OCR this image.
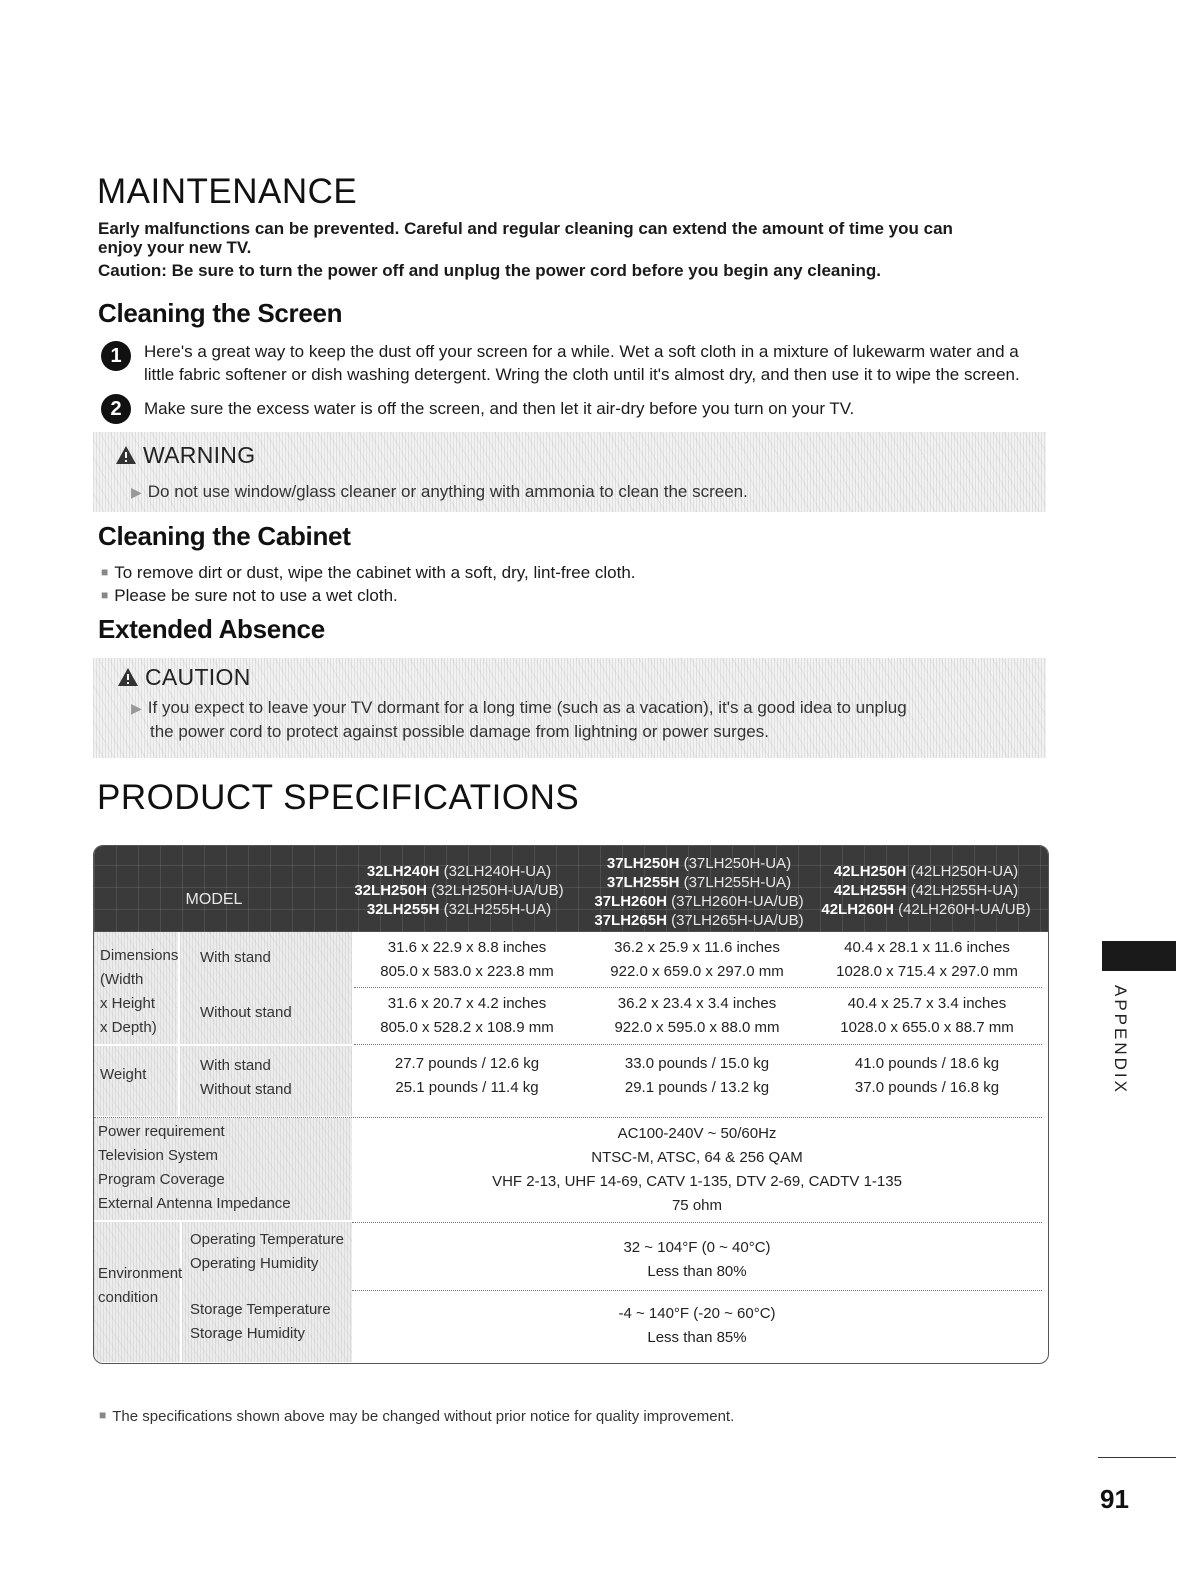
MAINTENANCE
Early malfunctions can be prevented. Careful and regular cleaning can extend the amount of time you can
enjoy your new TV.
Caution: Be sure to turn the power off and unplug the power cord before you begin any cleaning.
Cleaning the Screen
1	Here's a great way to keep the dust off your screen for a while. Wet a soft cloth in a mixture of lukewarm water and a
little fabric softener or dish washing detergent. Wring the cloth until it's almost dry, and then use it to wipe the screen.
2	Make sure the excess water is off the screen, and then let it air-dry before you turn on your TV.
WARNING
▶ Do not use window/glass cleaner or anything with ammonia to clean the screen.
Cleaning the Cabinet
■ To remove dirt or dust, wipe the cabinet with a soft, dry, lint-free cloth.
■ Please be sure not to use a wet cloth.
Extended Absence
CAUTION
▶ If you expect to leave your TV dormant for a long time (such as a vacation), it's a good idea to unplug
the power cord to protect against possible damage from lightning or power surges.
PRODUCT SPECIFICATIONS
MODEL
32LH240H (32LH240H-UA)
32LH250H (32LH250H-UA/UB)
32LH255H (32LH255H-UA)
37LH250H (37LH250H-UA)
37LH255H (37LH255H-UA)
37LH260H (37LH260H-UA/UB)
37LH265H (37LH265H-UA/UB)
42LH250H (42LH250H-UA)
42LH255H (42LH255H-UA)
42LH260H (42LH260H-UA/UB)
Dimensions
(Width
x Height
x Depth)
With stand
Without stand
31.6 x 22.9 x 8.8 inches
805.0 x 583.0 x 223.8 mm
36.2 x 25.9 x 11.6 inches
922.0 x 659.0 x 297.0 mm
40.4 x 28.1 x 11.6 inches
1028.0 x 715.4 x 297.0 mm
31.6 x 20.7 x 4.2 inches
805.0 x 528.2 x 108.9 mm
36.2 x 23.4 x 3.4 inches
922.0 x 595.0 x 88.0 mm
40.4 x 25.7 x 3.4 inches
1028.0 x 655.0 x 88.7 mm
Weight
With stand
Without stand
27.7 pounds / 12.6 kg
25.1 pounds / 11.4 kg
33.0 pounds / 15.0 kg
29.1 pounds / 13.2 kg
41.0 pounds / 18.6 kg
37.0 pounds / 16.8 kg
Power requirement
Television System
Program Coverage
External Antenna Impedance
AC100-240V ~ 50/60Hz
NTSC-M, ATSC, 64 & 256 QAM
VHF 2-13, UHF 14-69, CATV 1-135, DTV 2-69, CADTV 1-135
75 ohm
Environment
condition
Operating Temperature
Operating Humidity
Storage Temperature
Storage Humidity
32 ~ 104°F (0 ~ 40°C)
Less than 80%
-4 ~ 140°F (-20 ~ 60°C)
Less than 85%
■ The specifications shown above may be changed without prior notice for quality improvement.
APPENDIX
91
